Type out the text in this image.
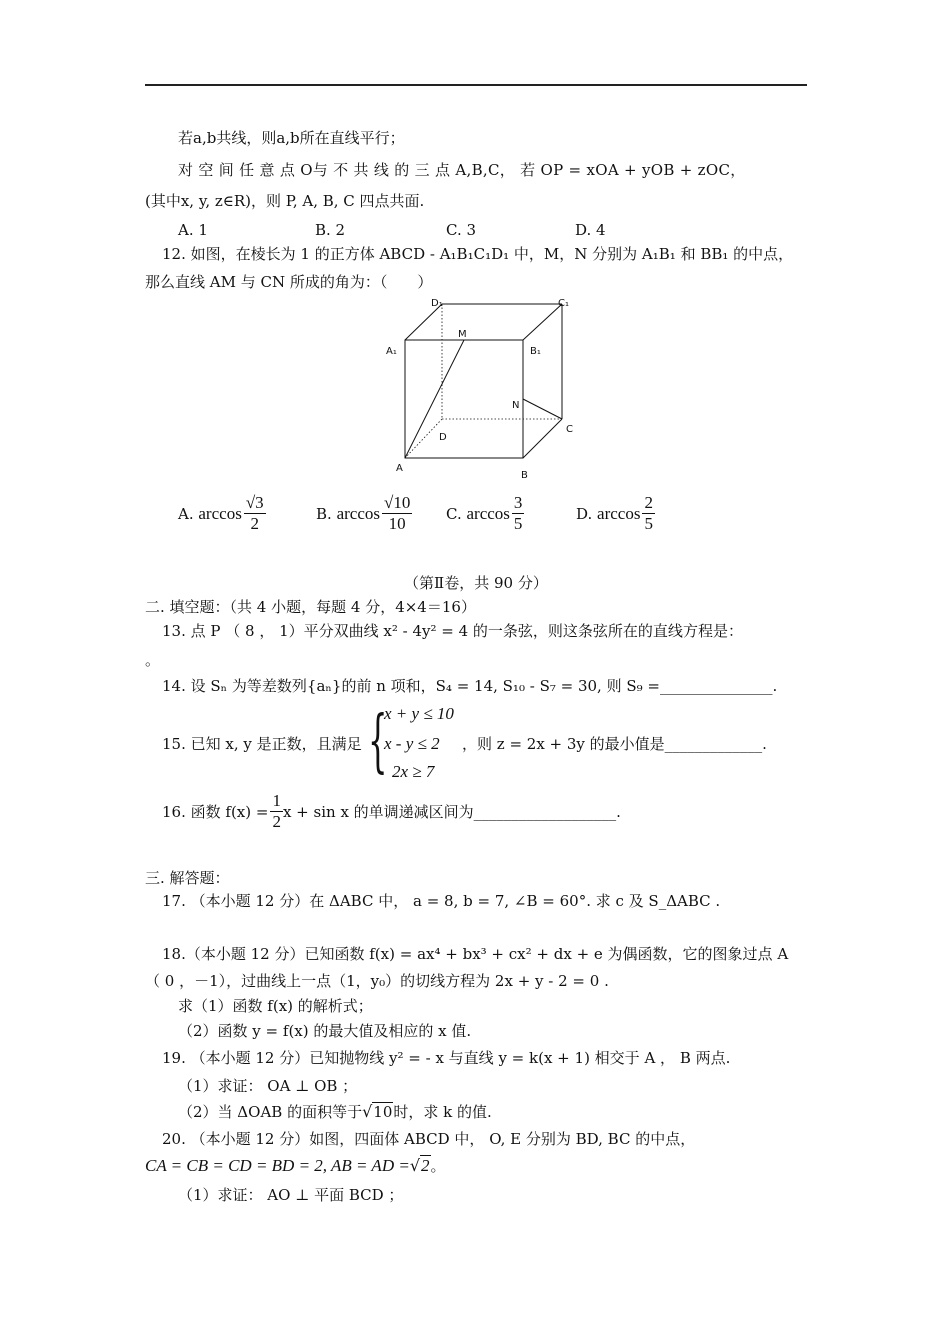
若a,b共线，则a,b所在直线平行；
对 空 间 任 意 点 O与 不 共 线 的 三 点 A,B,C， 若 OP = xOA + yOB + zOC，
(其中x, y, z∈R)，则 P, A, B, C 四点共面.
A. 1	B. 2	C. 3	D. 4
12. 如图，在棱长为 1 的正方体 ABCD - A₁B₁C₁D₁ 中，M，N 分别为 A₁B₁ 和 BB₁ 的中点，
那么直线 AM 与 CN 所成的角为：（　　）
D₁	C₁
A₁	B₁
M
N
D
C
A
B
A.
$\arccos \frac{√3}{2}$	B.
$\arccos \frac{√10}{10} C$.
$\arccos \frac{3}{5}$	D.
$\arccos \frac{2}{5}$
（第Ⅱ卷，共 90 分）
二. 填空题：（共 4 小题，每题 4 分，4×4＝16）
13. 点 P （ 8 ， 1）平分双曲线 x² - 4y² = 4 的一条弦，则这条弦所在的直线方程是：
。
14. 设 Sₙ 为等差数列{aₙ}的前 n 项和，S₄ = 14, S₁₀ - S₇ = 30, 则 S₉ =_______________.
15. 已知 x, y 是正数，且满足 {
x + y ≤ 10
x - y ≤ 2
2x ≥ 7
，则 z = 2x + 3y 的最小值是_____________.
16. 函数 $f(x) = \frac{1}{2}$ x + sin x 的单调递减区间为___________________.
三. 解答题：
17. （本小题 12 分）在 ΔABC 中， a = 8, b = 7, ∠B = 60°. 求 c 及 S_ΔABC .
18.（本小题 12 分）已知函数 f(x) = ax⁴ + bx³ + cx² + dx + e 为偶函数，它的图象过点 A
（ 0 ，－1），过曲线上一点（1，y₀）的切线方程为 2x + y - 2 = 0 .
求（1）函数 f(x) 的解析式；
（2）函数 y = f(x) 的最大值及相应的 x 值.
19. （本小题 12 分）已知抛物线 y² = - x 与直线 y = k(x + 1) 相交于 A ， B 两点.
（1）求证： OA ⊥ OB ；
（2）当 ΔOAB 的面积等于√10时，求 k 的值.
20. （本小题 12 分）如图，四面体 ABCD 中， O, E 分别为 BD, BC 的中点，
CA = CB = CD = BD = 2, AB = AD =√2。
（1）求证： AO ⊥ 平面 BCD ；
